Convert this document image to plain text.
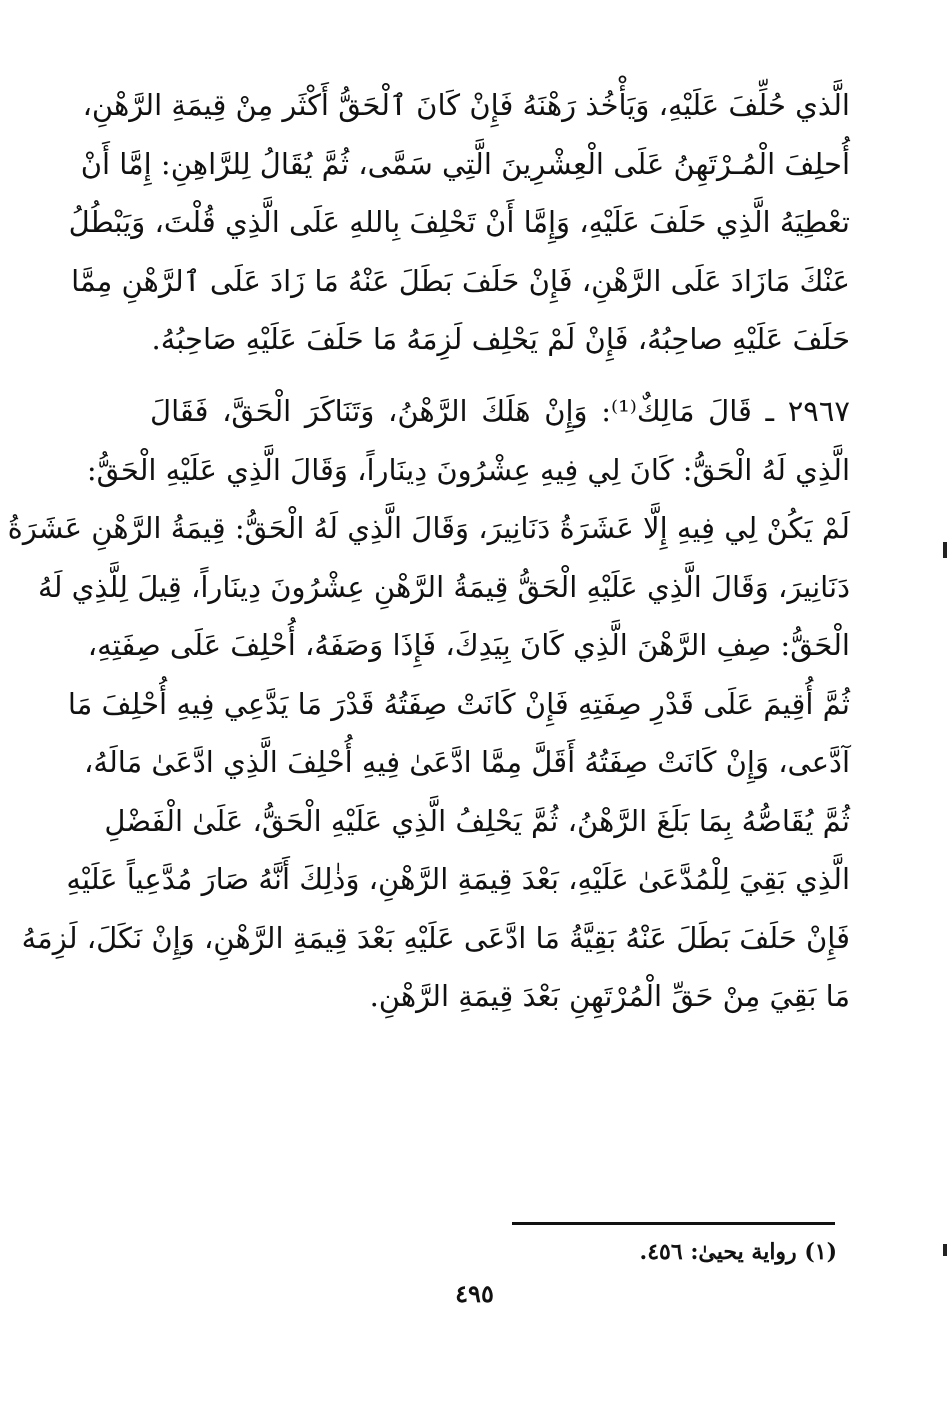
الَّذي حُلِّفَ عَلَيْهِ، وَيَأْخُذ رَهْنَهُ فَإِنْ كَانَ ٱلْحَقُّ أَكْثَر مِنْ قِيمَةِ الرَّهْنِ،
أُحلِفَ الْمُـرْتَهِنُ عَلَى الْعِشْرِينَ الَّتِي سَمَّى، ثُمَّ يُقَالُ لِلرَّاهِنِ: إِمَّا أَنْ
تعْطِيَهُ الَّذِي حَلَفَ عَلَيْهِ، وَإِمَّا أَنْ تَحْلِفَ بِاللهِ عَلَى الَّذِي قُلْتَ، وَيَبْطُلُ
عَنْكَ مَازَادَ عَلَى الرَّهْنِ، فَإِنْ حَلَفَ بَطَلَ عَنْهُ مَا زَادَ عَلَى ٱلرَّهْنِ مِمَّا
حَلَفَ عَلَيْهِ صاحِبُهُ، فَإِنْ لَمْ يَحْلِف لَزِمَهُ مَا حَلَفَ عَلَيْهِ صَاحِبُهُ.
٢٩٦٧ ـ قَالَ مَالِكٌ⁽¹⁾: وَإِنْ هَلَكَ الرَّهْنُ، وَتَنَاكَرَ الْحَقَّ، فَقَالَ
الَّذِي لَهُ الْحَقُّ: كَانَ لِي فِيهِ عِشْرُونَ دِينَاراً، وَقَالَ الَّذِي عَلَيْهِ الْحَقُّ:
لَمْ يَكُنْ لِي فِيهِ إِلَّا عَشَرَةُ دَنَانِيرَ، وَقَالَ الَّذِي لَهُ الْحَقُّ: قِيمَةُ الرَّهْنِ عَشَرَةُ
دَنَانِيرَ، وَقَالَ الَّذِي عَلَيْهِ الْحَقُّ قِيمَةُ الرَّهْنِ عِشْرُونَ دِينَاراً، قِيلَ لِلَّذِي لَهُ
الْحَقُّ: صِفِ الرَّهْنَ الَّذِي كَانَ بِيَدِكَ، فَإِذَا وَصَفَهُ، أُحْلِفَ عَلَى صِفَتِهِ،
ثُمَّ أُقِيمَ عَلَى قَدْرِ صِفَتِهِ فَإِنْ كَانَتْ صِفَتُهُ قَدْرَ مَا يَدَّعِي فِيهِ أُحْلِفَ مَا
آدَّعى، وَإِنْ كَانَتْ صِفَتُهُ أَقَلَّ مِمَّا ادَّعَىٰ فِيهِ أُحْلِفَ الَّذِي ادَّعَىٰ مَالَهُ،
ثُمَّ يُقَاصُّهُ بِمَا بَلَغَ الرَّهْنُ، ثُمَّ يَحْلِفُ الَّذِي عَلَيْهِ الْحَقُّ، عَلَىٰ الْفَضْلِ
الَّذِي بَقِيَ لِلْمُدَّعَىٰ عَلَيْهِ، بَعْدَ قِيمَةِ الرَّهْنِ، وَذٰلِكَ أَنَّهُ صَارَ مُدَّعِياً عَلَيْهِ
فَإِنْ حَلَفَ بَطَلَ عَنْهُ بَقِيَّةُ مَا ادَّعَى عَلَيْهِ بَعْدَ قِيمَةِ الرَّهْنِ، وَإِنْ نَكَلَ، لَزِمَهُ
مَا بَقِيَ مِنْ حَقِّ الْمُرْتَهِنِ بَعْدَ قِيمَةِ الرَّهْنِ.
(١) رواية يحيىٰ: ٤٥٦.
٤٩٥
